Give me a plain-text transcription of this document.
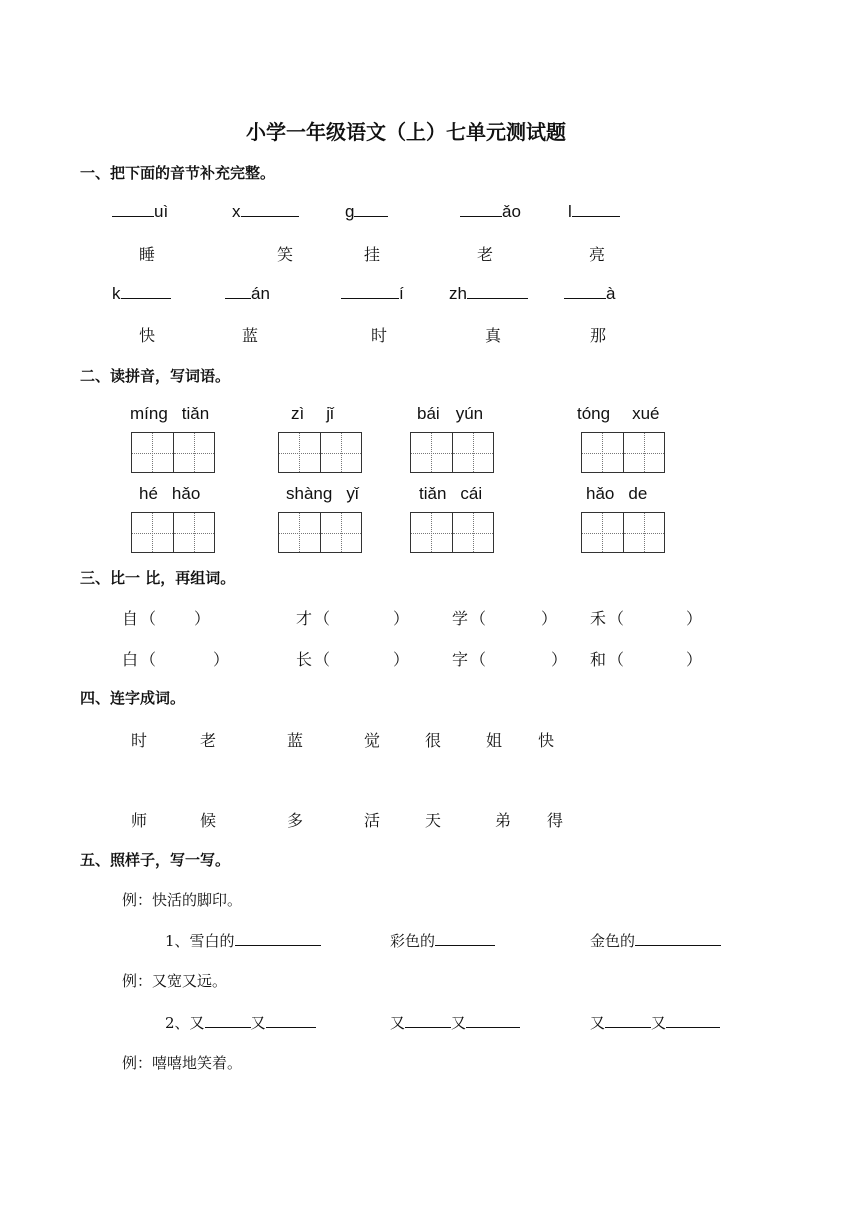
小学一年级语文（上）七单元测试题
一、把下面的音节补充完整。
uì	x	g	ǎo	l
睡	笑	挂	老	亮
k	án	í	zh	à
快	蓝	时	真	那
二、读拼音，写词语。
míng tiǎn	zì jǐ	bái yún	tóng xué
hé hǎo	shàng yǐ	tiǎn cái	hǎo de
三、比一 比，再组词。
自 （ ）	才 （	）	学 （	） 禾 （	）
白 （	）	长 （	）	字 （	） 和 （	）
四、连字成词。
时	老	蓝	觉	很	姐 快
师	候	多	活	天	弟 得
五、照样子，写一写。
例：快活的脚印。
1、雪白的	彩色的	金色的
例：又宽又远。
2、又	又	又	又	又	又
例：嘻嘻地笑着。
